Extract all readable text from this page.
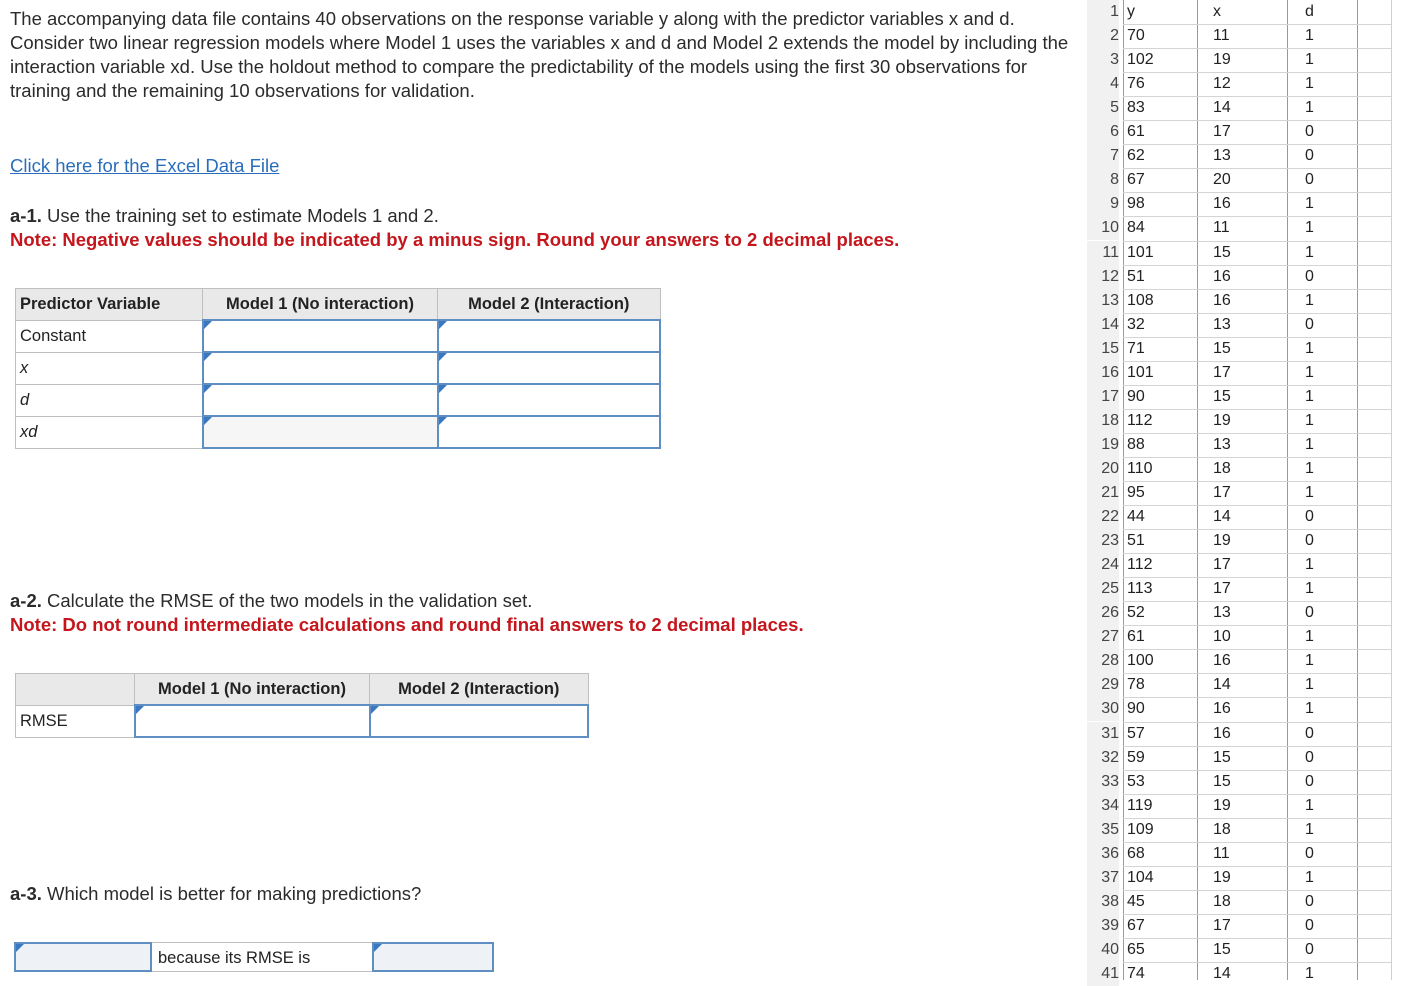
The accompanying data file contains 40 observations on the response variable y along with the predictor variables x and d. Consider two linear regression models where Model 1 uses the variables x and d and Model 2 extends the model by including the interaction variable xd. Use the holdout method to compare the predictability of the models using the first 30 observations for training and the remaining 10 observations for validation.
Click here for the Excel Data File
a-1. Use the training set to estimate Models 1 and 2.
Note: Negative values should be indicated by a minus sign. Round your answers to 2 decimal places.
Predictor Variable	Model 1 (No interaction)	Model 2 (Interaction)
Constant		
x		
d		
xd		
a-2. Calculate the RMSE of the two models in the validation set.
Note: Do not round intermediate calculations and round final answers to 2 decimal places.
	Model 1 (No interaction)	Model 2 (Interaction)
RMSE		
a-3. Which model is better for making predictions?
because its RMSE is
1 y	x	d
2 70	11	1
3 102	19	1
4 76	12	1
5 83	14	1
6 61	17	0
7 62	13	0
8 67	20	0
9 98	16	1
10 84	11	1
11 101	15	1
12 51	16	0
13 108	16	1
14 32	13	0
15 71	15	1
16 101	17	1
17 90	15	1
18 112	19	1
19 88	13	1
20 110	18	1
21 95	17	1
22 44	14	0
23 51	19	0
24 112	17	1
25 113	17	1
26 52	13	0
27 61	10	1
28 100	16	1
29 78	14	1
30 90	16	1
31 57	16	0
32 59	15	0
33 53	15	0
34 119	19	1
35 109	18	1
36 68	11	0
37 104	19	1
38 45	18	0
39 67	17	0
40 65	15	0
41 74	14	1
